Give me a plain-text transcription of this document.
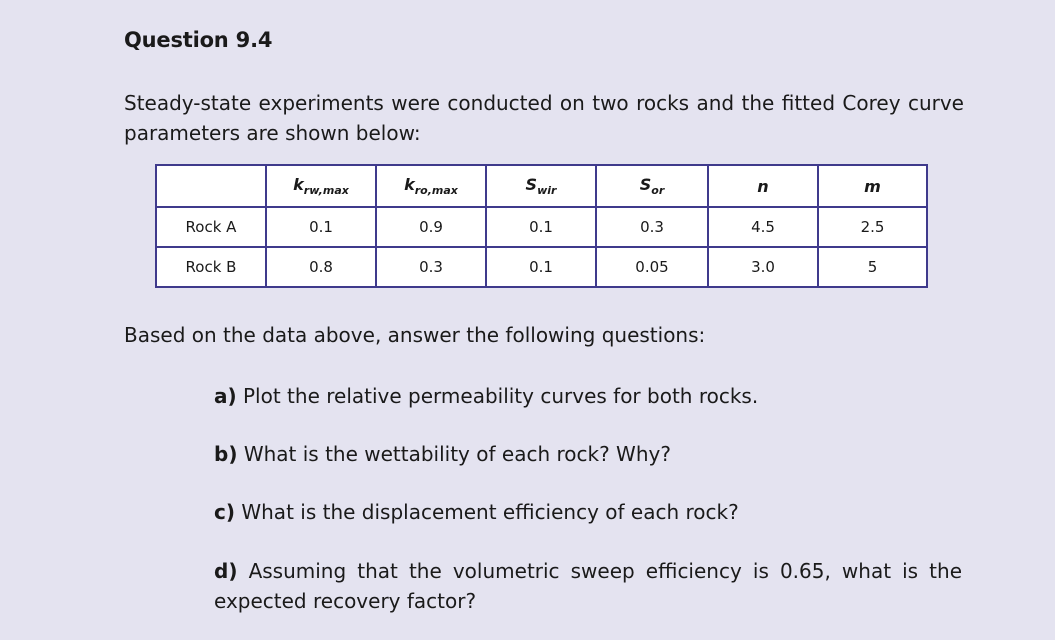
Question 9.4
Steady-state experiments were conducted on two rocks and the fitted Corey curve parameters are shown below:
	$k_{rw,max}$	$k_{ro,max}$	$S_{wir}$	$S_{or}$	n	m
Rock A	0.1	0.9	0.1	0.3	4.5	2.5
Rock B	0.8	0.3	0.1	0.05	3.0	5
Based on the data above, answer the following questions:
a) Plot the relative permeability curves for both rocks.
b) What is the wettability of each rock? Why?
c) What is the displacement efficiency of each rock?
d) Assuming that the volumetric sweep efficiency is 0.65, what is the expected recovery factor?
